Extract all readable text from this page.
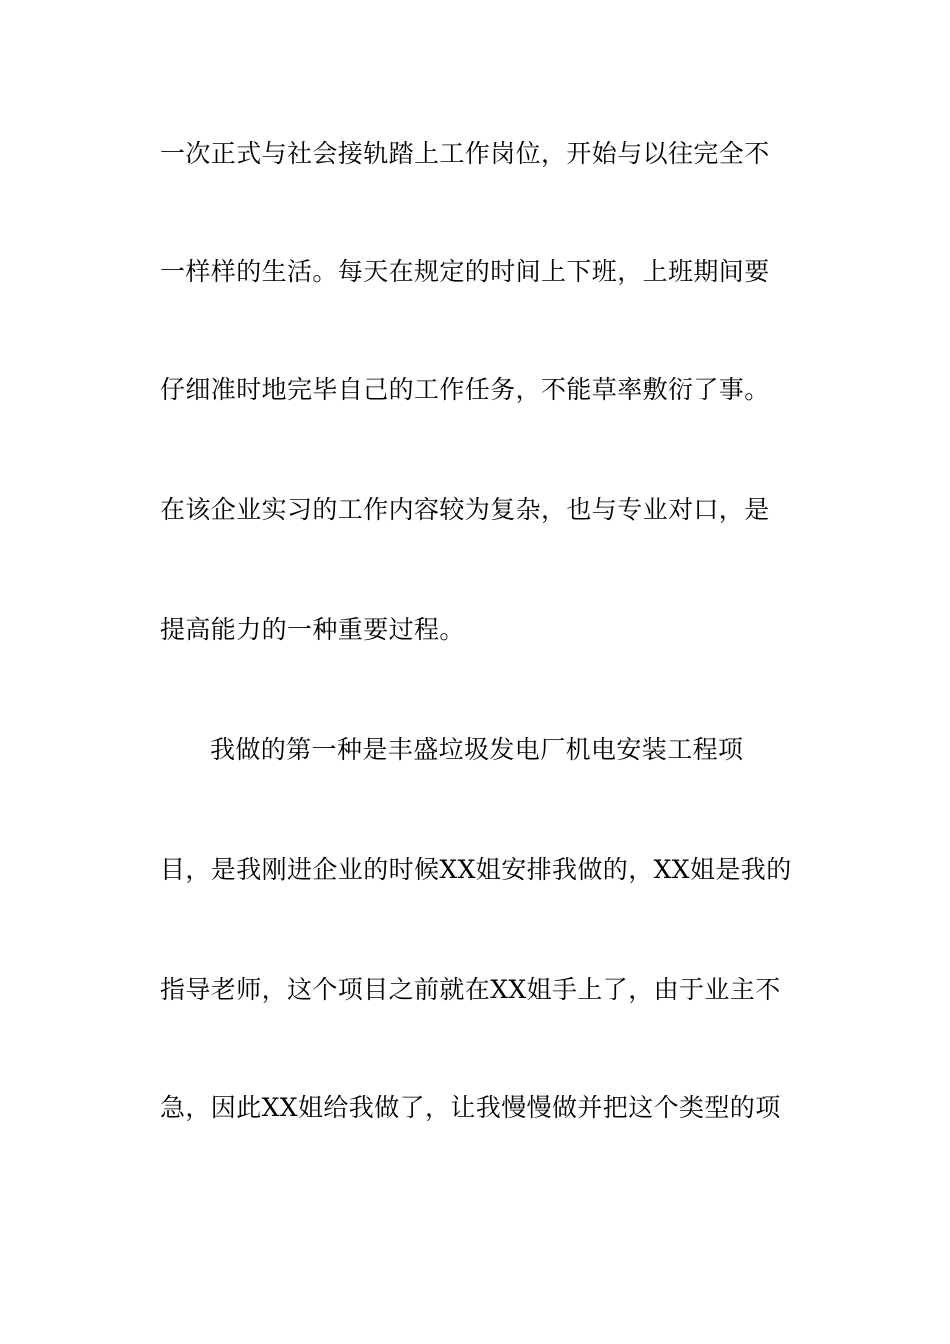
一次正式与社会接轨踏上工作岗位，开始与以往完全不
一样样的生活。每天在规定的时间上下班，上班期间要
仔细准时地完毕自己的工作任务，不能草率敷衍了事。
在该企业实习的工作内容较为复杂，也与专业对口，是
提高能力的一种重要过程。
我做的第一种是丰盛垃圾发电厂机电安装工程项
目，是我刚进企业的时候XX姐安排我做的，XX姐是我的
指导老师，这个项目之前就在XX姐手上了，由于业主不
急，因此XX姐给我做了，让我慢慢做并把这个类型的项
